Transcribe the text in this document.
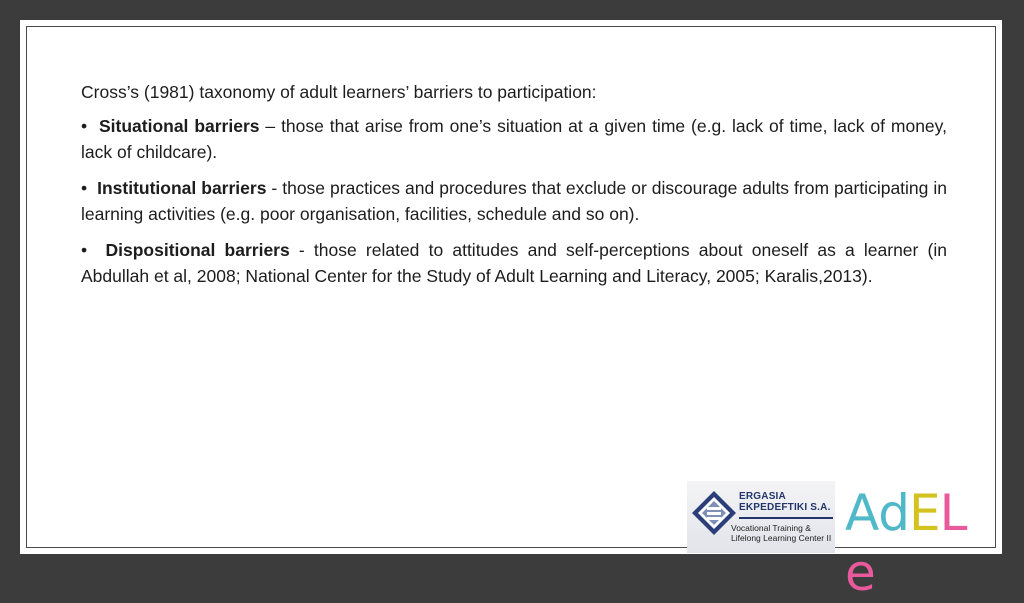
Cross’s (1981) taxonomy of adult learners’ barriers to participation:

• Situational barriers – those that arise from one’s situation at a given time (e.g. lack of time, lack of money, lack of childcare).

• Institutional barriers - those practices and procedures that exclude or discourage adults from participating in learning activities (e.g. poor organisation, facilities, schedule and so on).

• Dispositional barriers - those related to attitudes and self-perceptions about oneself as a learner (in Abdullah et al, 2008; National Center for the Study of Adult Learning and Literacy, 2005; Karalis,2013).

ERGASIA
EKPEDEFTIKI S.A.
Vocational Training &
Lifelong Learning Center II AdELe
